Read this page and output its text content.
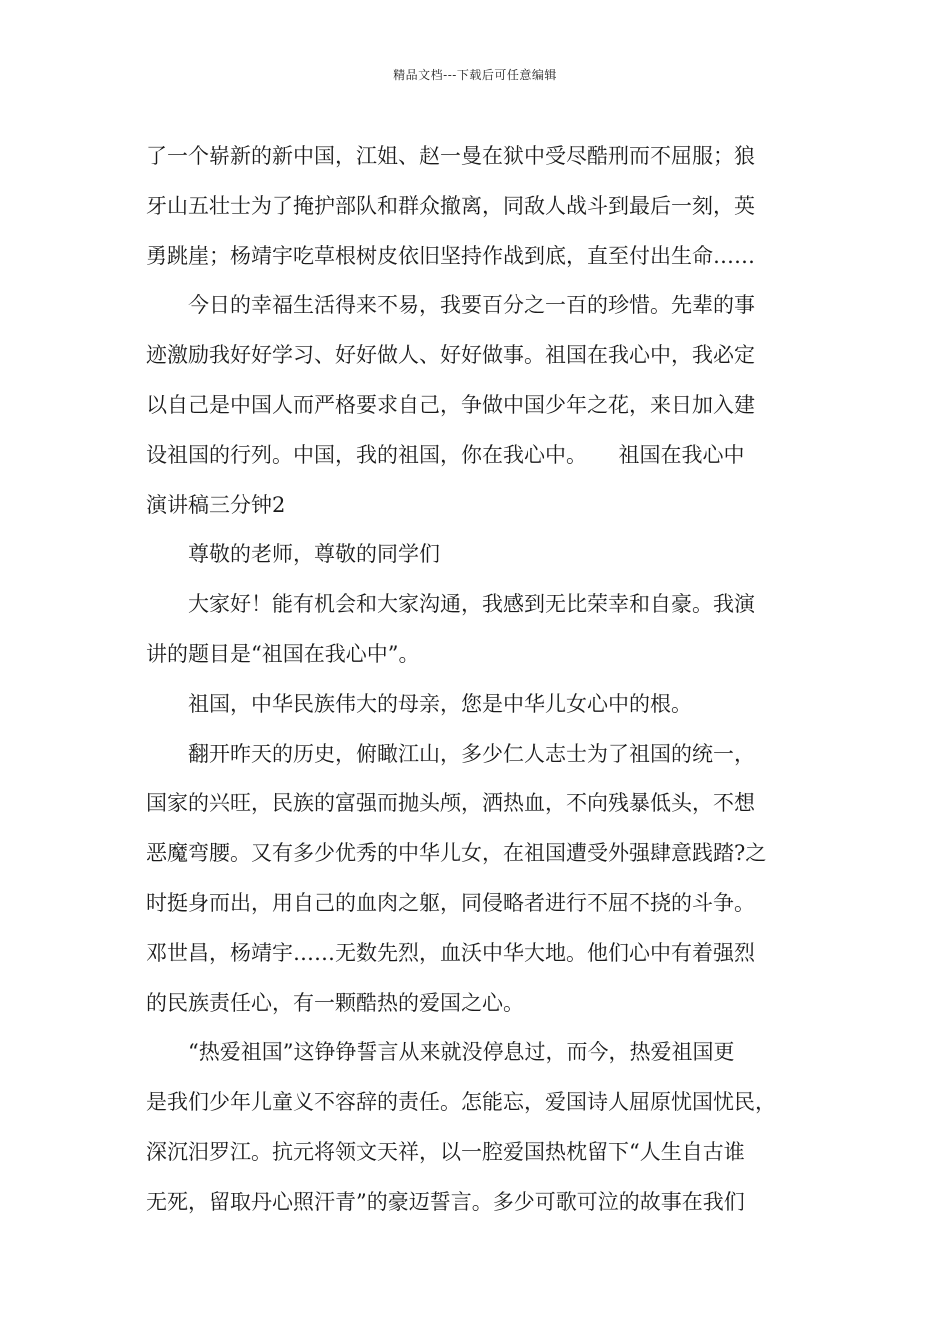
精品文档---下载后可任意编辑
了一个崭新的新中国，江姐、赵一曼在狱中受尽酷刑而不屈服；狼
牙山五壮士为了掩护部队和群众撤离，同敌人战斗到最后一刻，英
勇跳崖；杨靖宇吃草根树皮依旧坚持作战到底，直至付出生命……
今日的幸福生活得来不易，我要百分之一百的珍惜。先辈的事
迹激励我好好学习、好好做人、好好做事。祖国在我心中，我必定
以自己是中国人而严格要求自己，争做中国少年之花，来日加入建
设祖国的行列。中国，我的祖国，你在我心中。　　祖国在我心中
演讲稿三分钟2
尊敬的老师，尊敬的同学们
大家好！能有机会和大家沟通，我感到无比荣幸和自豪。我演
讲的题目是“祖国在我心中”。
祖国，中华民族伟大的母亲，您是中华儿女心中的根。
翻开昨天的历史，俯瞰江山，多少仁人志士为了祖国的统一，
国家的兴旺，民族的富强而抛头颅，洒热血，不向残暴低头，不想
恶魔弯腰。又有多少优秀的中华儿女，在祖国遭受外强肆意践踏?之
时挺身而出，用自己的血肉之躯，同侵略者进行不屈不挠的斗争。
邓世昌，杨靖宇……无数先烈，血沃中华大地。他们心中有着强烈
的民族责任心，有一颗酷热的爱国之心。
“热爱祖国”这铮铮誓言从来就没停息过，而今，热爱祖国更
是我们少年儿童义不容辞的责任。怎能忘，爱国诗人屈原忧国忧民，
深沉汨罗江。抗元将领文天祥，以一腔爱国热枕留下“人生自古谁
无死，留取丹心照汗青”的豪迈誓言。多少可歌可泣的故事在我们
